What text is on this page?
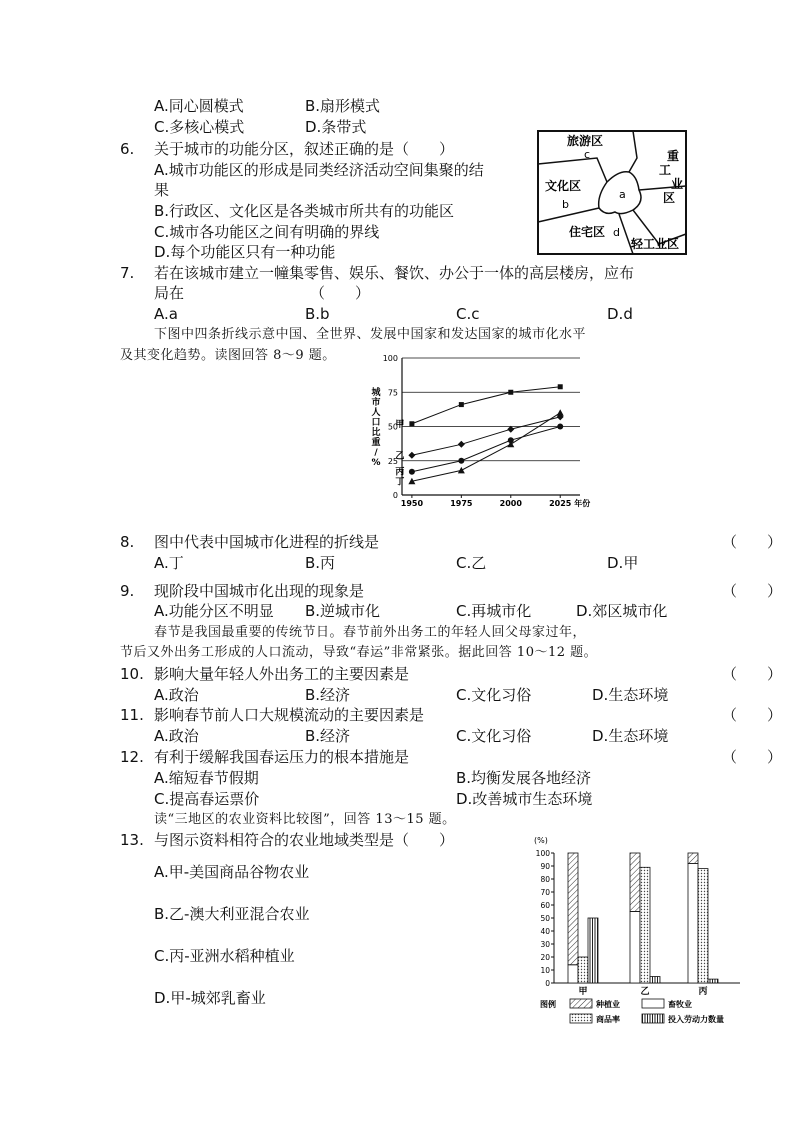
A.同心圆模式	B.扇形模式
C.多核心模式	D.条带式
6. 关于城市的功能分区，叙述正确的是（　　）
A.城市功能区的形成是同类经济活动空间集聚的结
果
B.行政区、文化区是各类城市所共有的功能区
C.城市各功能区之间有明确的界线
D.每个功能区只有一种功能
旅游区
c	重
工
业
区
文化区
b
a
住宅区 d
轻工业区
7. 若在该城市建立一幢集零售、娱乐、餐饮、办公于一体的高层楼房，应布
局在	（　　）
A.a	B.b	C.c	D.d
下图中四条折线示意中国、全世界、发展中国家和发达国家的城市化水平
及其变化趋势。读图回答 8～9 题。
0
25
50
75
100
1950	1975	2000	2025 年份
城
市
人
口
比
重
/
%
甲
乙
丙
丁
8. 图中代表中国城市化进程的折线是	（　　）
A.丁	B.丙	C.乙	D.甲
9. 现阶段中国城市化出现的现象是	（　　）
A.功能分区不明显 B.逆城市化	C.再城市化	D.郊区城市化
春节是我国最重要的传统节日。春节前外出务工的年轻人回父母家过年，
节后又外出务工形成的人口流动，导致“春运”非常紧张。据此回答 10～12 题。
10. 影响大量年轻人外出务工的主要因素是	（　　）
A.政治	B.经济	C.文化习俗	D.生态环境
11. 影响春节前人口大规模流动的主要因素是	（　　）
A.政治	B.经济	C.文化习俗	D.生态环境
12. 有利于缓解我国春运压力的根本措施是	（　　）
A.缩短春节假期	B.均衡发展各地经济
C.提高春运票价	D.改善城市生态环境
读“三地区的农业资料比较图”，回答 13～15 题。
13. 与图示资料相符合的农业地域类型是（　　）
A.甲-美国商品谷物农业
B.乙-澳大利亚混合农业
C.丙-亚洲水稻种植业
D.甲-城郊乳畜业
(%)
0
10
20
30
40
50
60
70
80
90
100
甲	乙	丙
图例	种植业	畜牧业
商品率	投入劳动力数量
